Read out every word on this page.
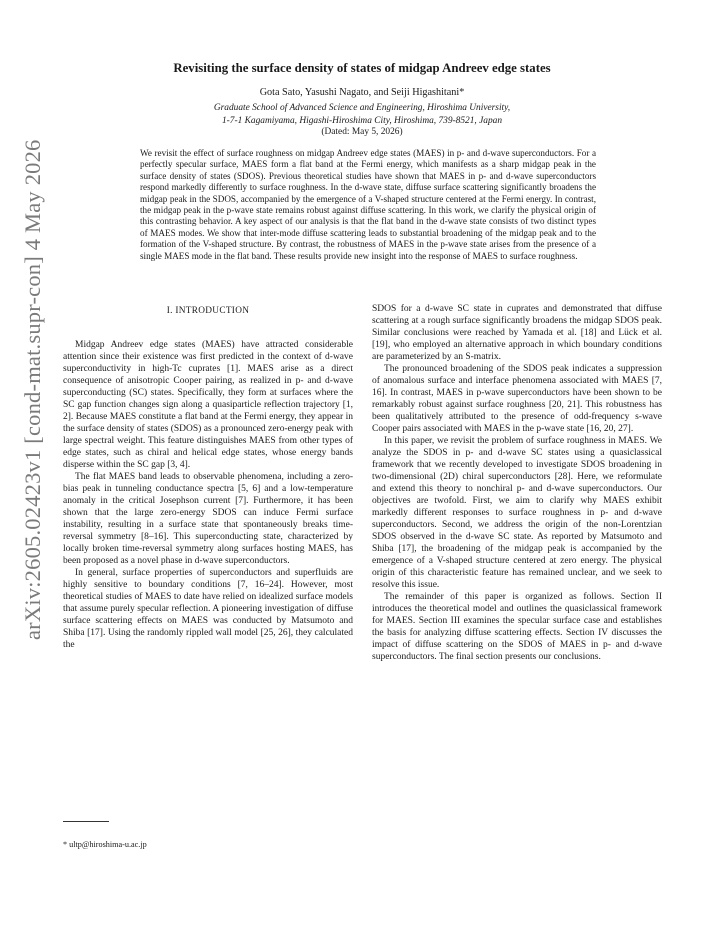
arXiv:2605.02423v1 [cond-mat.supr-con] 4 May 2026
Revisiting the surface density of states of midgap Andreev edge states
Gota Sato, Yasushi Nagato, and Seiji Higashitani*
Graduate School of Advanced Science and Engineering, Hiroshima University,
1-7-1 Kagamiyama, Higashi-Hiroshima City, Hiroshima, 739-8521, Japan
(Dated: May 5, 2026)
We revisit the effect of surface roughness on midgap Andreev edge states (MAES) in p- and d-wave superconductors. For a perfectly specular surface, MAES form a flat band at the Fermi energy, which manifests as a sharp midgap peak in the surface density of states (SDOS). Previous theoretical studies have shown that MAES in p- and d-wave superconductors respond markedly differently to surface roughness. In the d-wave state, diffuse surface scattering significantly broadens the midgap peak in the SDOS, accompanied by the emergence of a V-shaped structure centered at the Fermi energy. In contrast, the midgap peak in the p-wave state remains robust against diffuse scattering. In this work, we clarify the physical origin of this contrasting behavior. A key aspect of our analysis is that the flat band in the d-wave state consists of two distinct types of MAES modes. We show that inter-mode diffuse scattering leads to substantial broadening of the midgap peak and to the formation of the V-shaped structure. By contrast, the robustness of MAES in the p-wave state arises from the presence of a single MAES mode in the flat band. These results provide new insight into the response of MAES to surface roughness.
I. INTRODUCTION

Midgap Andreev edge states (MAES) have attracted considerable attention since their existence was first predicted in the context of d-wave superconductivity in high-Tc cuprates [1]. MAES arise as a direct consequence of anisotropic Cooper pairing, as realized in p- and d-wave superconducting (SC) states. Specifically, they form at surfaces where the SC gap function changes sign along a quasiparticle reflection trajectory [1, 2]. Because MAES constitute a flat band at the Fermi energy, they appear in the surface density of states (SDOS) as a pronounced zero-energy peak with large spectral weight. This feature distinguishes MAES from other types of edge states, such as chiral and helical edge states, whose energy bands disperse within the SC gap [3, 4].

The flat MAES band leads to observable phenomena, including a zero-bias peak in tunneling conductance spectra [5, 6] and a low-temperature anomaly in the critical Josephson current [7]. Furthermore, it has been shown that the large zero-energy SDOS can induce Fermi surface instability, resulting in a surface state that spontaneously breaks time-reversal symmetry [8–16]. This superconducting state, characterized by locally broken time-reversal symmetry along surfaces hosting MAES, has been proposed as a novel phase in d-wave superconductors.

In general, surface properties of superconductors and superfluids are highly sensitive to boundary conditions [7, 16–24]. However, most theoretical studies of MAES to date have relied on idealized surface models that assume purely specular reflection. A pioneering investigation of diffuse surface scattering effects on MAES was conducted by Matsumoto and Shiba [17]. Using the randomly rippled wall model [25, 26], they calculated the

SDOS for a d-wave SC state in cuprates and demonstrated that diffuse scattering at a rough surface significantly broadens the midgap SDOS peak. Similar conclusions were reached by Yamada et al. [18] and Lück et al. [19], who employed an alternative approach in which boundary conditions are parameterized by an S-matrix.

The pronounced broadening of the SDOS peak indicates a suppression of anomalous surface and interface phenomena associated with MAES [7, 16]. In contrast, MAES in p-wave superconductors have been shown to be remarkably robust against surface roughness [20, 21]. This robustness has been qualitatively attributed to the presence of odd-frequency s-wave Cooper pairs associated with MAES in the p-wave state [16, 20, 27].

In this paper, we revisit the problem of surface roughness in MAES. We analyze the SDOS in p- and d-wave SC states using a quasiclassical framework that we recently developed to investigate SDOS broadening in two-dimensional (2D) chiral superconductors [28]. Here, we reformulate and extend this theory to nonchiral p- and d-wave superconductors. Our objectives are twofold. First, we aim to clarify why MAES exhibit markedly different responses to surface roughness in p- and d-wave superconductors. Second, we address the origin of the non-Lorentzian SDOS observed in the d-wave SC state. As reported by Matsumoto and Shiba [17], the broadening of the midgap peak is accompanied by the emergence of a V-shaped structure centered at zero energy. The physical origin of this characteristic feature has remained unclear, and we seek to resolve this issue.

The remainder of this paper is organized as follows. Section II introduces the theoretical model and outlines the quasiclassical framework for MAES. Section III examines the specular surface case and establishes the basis for analyzing diffuse scattering effects. Section IV discusses the impact of diffuse scattering on the SDOS of MAES in p- and d-wave superconductors. The final section presents our conclusions.

* ultp@hiroshima-u.ac.jp
